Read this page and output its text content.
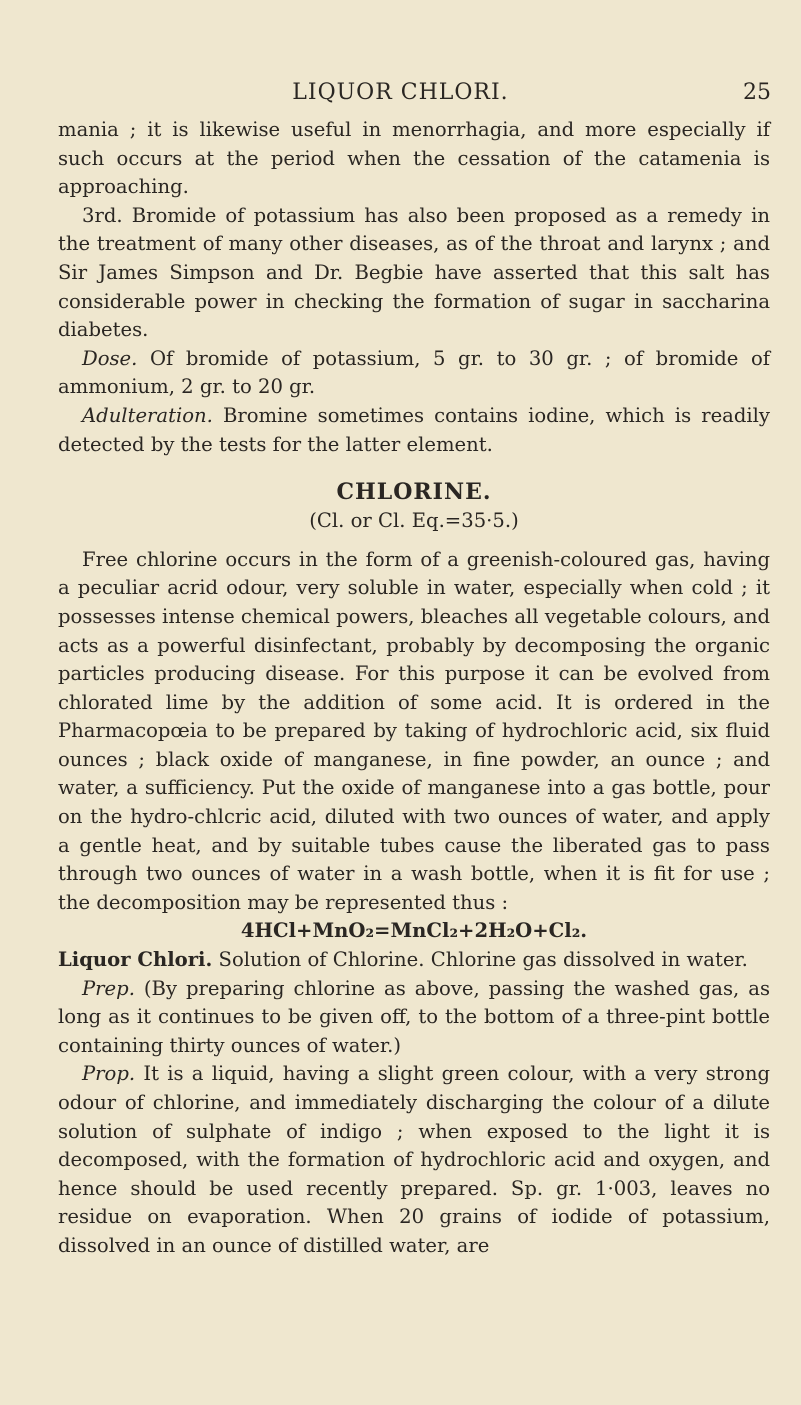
LIQUOR CHLORI.	25

mania ; it is likewise useful in menorrhagia, and more especially if such occurs at the period when the cessation of the catamenia is approaching.

3rd. Bromide of potassium has also been proposed as a remedy in the treatment of many other diseases, as of the throat and larynx ; and Sir James Simpson and Dr. Begbie have asserted that this salt has considerable power in checking the formation of sugar in saccharina diabetes.

Dose. Of bromide of potassium, 5 gr. to 30 gr. ; of bromide of ammonium, 2 gr. to 20 gr.

Adulteration. Bromine sometimes contains iodine, which is readily detected by the tests for the latter element.

CHLORINE.
(Cl. or Cl. Eq.=35·5.)

Free chlorine occurs in the form of a greenish-coloured gas, having a peculiar acrid odour, very soluble in water, especially when cold ; it possesses intense chemical powers, bleaches all vegetable colours, and acts as a powerful disinfectant, probably by decomposing the organic particles producing disease. For this purpose it can be evolved from chlorated lime by the addition of some acid. It is ordered in the Pharmacopœia to be prepared by taking of hydrochloric acid, six fluid ounces ; black oxide of manganese, in fine powder, an ounce ; and water, a sufficiency. Put the oxide of manganese into a gas bottle, pour on the hydro-chlcric acid, diluted with two ounces of water, and apply a gentle heat, and by suitable tubes cause the liberated gas to pass through two ounces of water in a wash bottle, when it is fit for use ; the decomposition may be represented thus :

4HCl+MnO₂=MnCl₂+2H₂O+Cl₂.

Liquor Chlori. Solution of Chlorine. Chlorine gas dissolved in water.

Prep. (By preparing chlorine as above, passing the washed gas, as long as it continues to be given off, to the bottom of a three-pint bottle containing thirty ounces of water.)

Prop. It is a liquid, having a slight green colour, with a very strong odour of chlorine, and immediately discharging the colour of a dilute solution of sulphate of indigo ; when exposed to the light it is decomposed, with the formation of hydrochloric acid and oxygen, and hence should be used recently prepared. Sp. gr. 1·003, leaves no residue on evaporation. When 20 grains of iodide of potassium, dissolved in an ounce of distilled water, are
